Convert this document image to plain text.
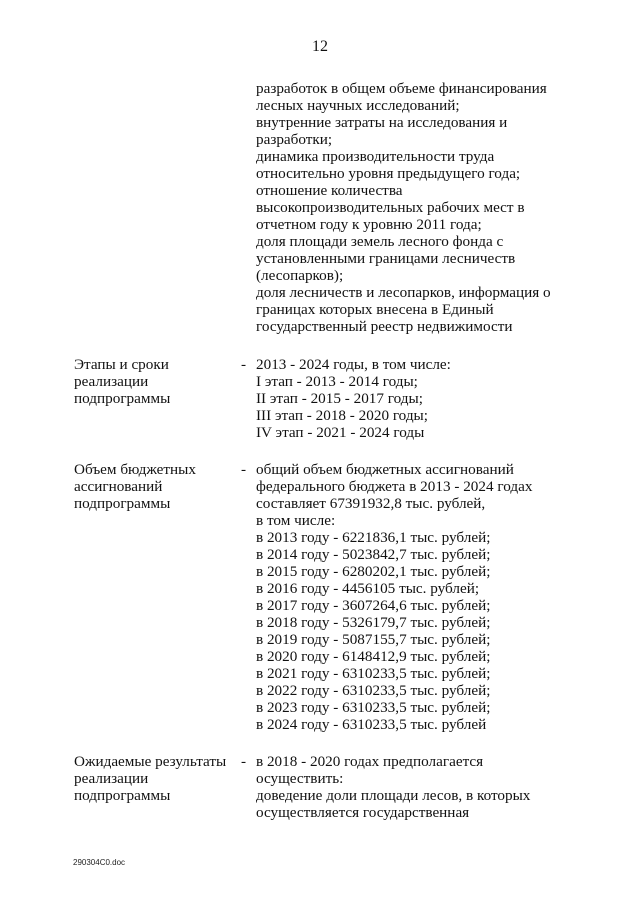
12
разработок в общем объеме финансирования
лесных научных исследований;
внутренние затраты на исследования и
разработки;
динамика производительности труда
относительно уровня предыдущего года;
отношение количества
высокопроизводительных рабочих мест в
отчетном году к уровню 2011 года;
доля площади земель лесного фонда с
установленными границами лесничеств
(лесопарков);
доля лесничеств и лесопарков, информация о
границах которых внесена в Единый
государственный реестр недвижимости
Этапы и сроки
реализации
подпрограммы
- 2013 - 2024 годы, в том числе:
I этап - 2013 - 2014 годы;
II этап - 2015 - 2017 годы;
III этап - 2018 - 2020 годы;
IV этап - 2021 - 2024 годы
Объем бюджетных
ассигнований
подпрограммы
- общий объем бюджетных ассигнований
федерального бюджета в 2013 - 2024 годах
составляет 67391932,8 тыс. рублей,
в том числе:
в 2013 году - 6221836,1 тыс. рублей;
в 2014 году - 5023842,7 тыс. рублей;
в 2015 году - 6280202,1 тыс. рублей;
в 2016 году - 4456105 тыс. рублей;
в 2017 году - 3607264,6 тыс. рублей;
в 2018 году - 5326179,7 тыс. рублей;
в 2019 году - 5087155,7 тыс. рублей;
в 2020 году - 6148412,9 тыс. рублей;
в 2021 году - 6310233,5 тыс. рублей;
в 2022 году - 6310233,5 тыс. рублей;
в 2023 году - 6310233,5 тыс. рублей;
в 2024 году - 6310233,5 тыс. рублей
Ожидаемые результаты
реализации
подпрограммы
- в 2018 - 2020 годах предполагается
осуществить:
доведение доли площади лесов, в которых
осуществляется государственная
290304C0.doc
